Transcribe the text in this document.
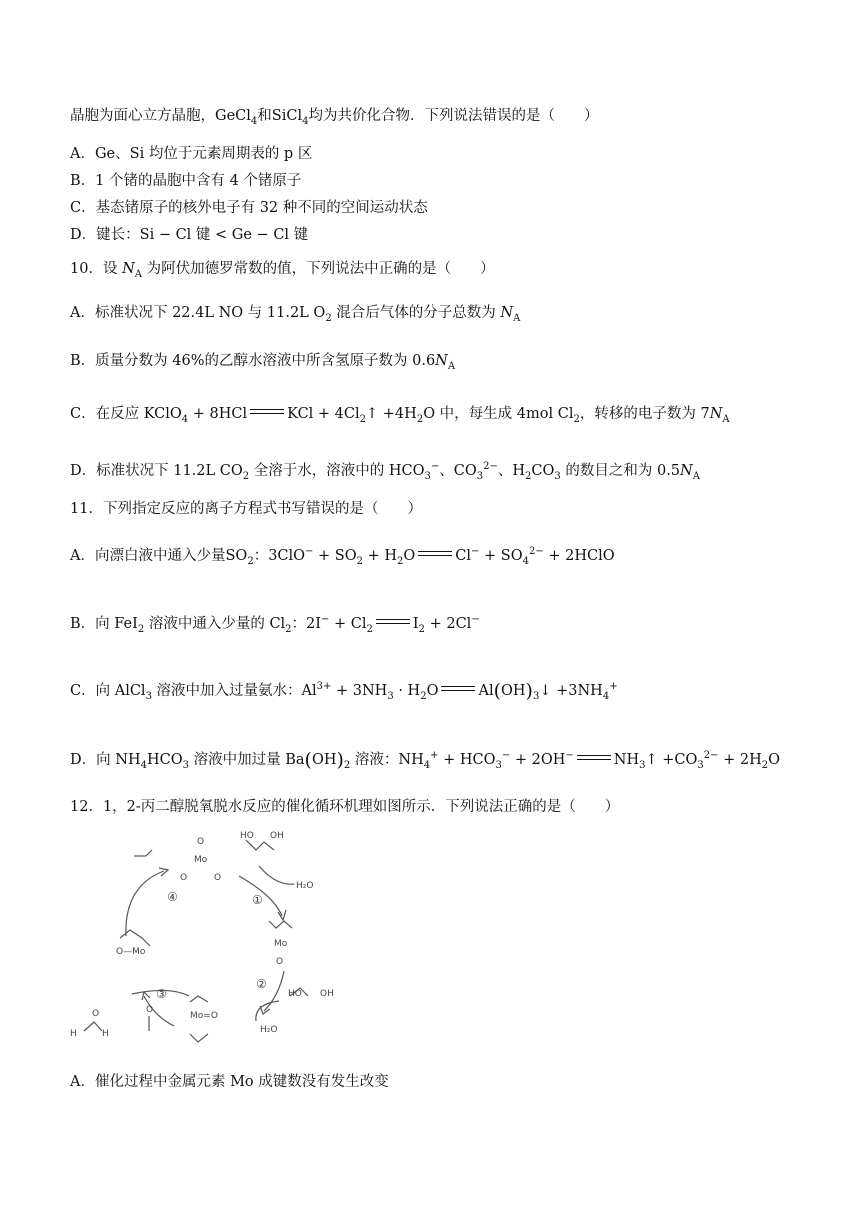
晶胞为面心立方晶胞，GeCl$_4$和SiCl$_4$均为共价化合物．下列说法错误的是（　　）
A．Ge、Si 均位于元素周期表的 p 区
B．1 个锗的晶胞中含有 4 个锗原子
C．基态锗原子的核外电子有 32 种不同的空间运动状态
D．键长：Si − Cl 键 < Ge − Cl 键
10．设 $N_A$ 为阿伏加德罗常数的值，下列说法中正确的是（　　）
A．标准状况下 22.4L NO 与 11.2L $O_2$ 混合后气体的分子总数为 $N_A$
B．质量分数为 46%的乙醇水溶液中所含氢原子数为 $0.6N_A$
C．在反应 KClO$_4$ + 8HCl	KCl + $4Cl_2↑ +4H_2O$ 中，每生成 4mol $Cl_2$，转移的电子数为 $7N_A$
D．标准状况下 11.2L $CO_2$ 全溶于水，溶液中的 $HCO_3^-$、$CO_3^{2-}$、$H_2CO_3$ 的数目之和为 $0.5N_A$
11．下列指定反应的离子方程式书写错误的是（　　）
A．向漂白液中通入少量$SO_2$：$3ClO^- + SO_2 + H_2O$	$Cl^- + SO_4^{2-}$ + 2HClO
B．向 FeI$_2$ 溶液中通入少量的 $Cl_2$：$2I^- + Cl_2$	$I_2 + 2Cl^-$
C．向 AlCl$_3$ 溶液中加入过量氨水：$Al^{3+} + 3NH_3 \cdot H_2O$	$Al(OH)_3↓ +3NH_4^+$
D．向 $NH_4HCO_3$ 溶液中加过量 $Ba(OH)_2$ 溶液：$NH_4^+ + HCO_3^- + 2OH^-$	$NH_3↑ +CO_3^{2-} + 2H_2O$
12．1，2-丙二醇脱氧脱水反应的催化循环机理如图所示．下列说法正确的是（　　）
④	①
②
③
O
Mo
O	O
HO OH
H₂O
Mo
O
HO OH
H₂O
Mo=O
O—Mo
H	H
O	O
A．催化过程中金属元素 Mo 成键数没有发生改变
